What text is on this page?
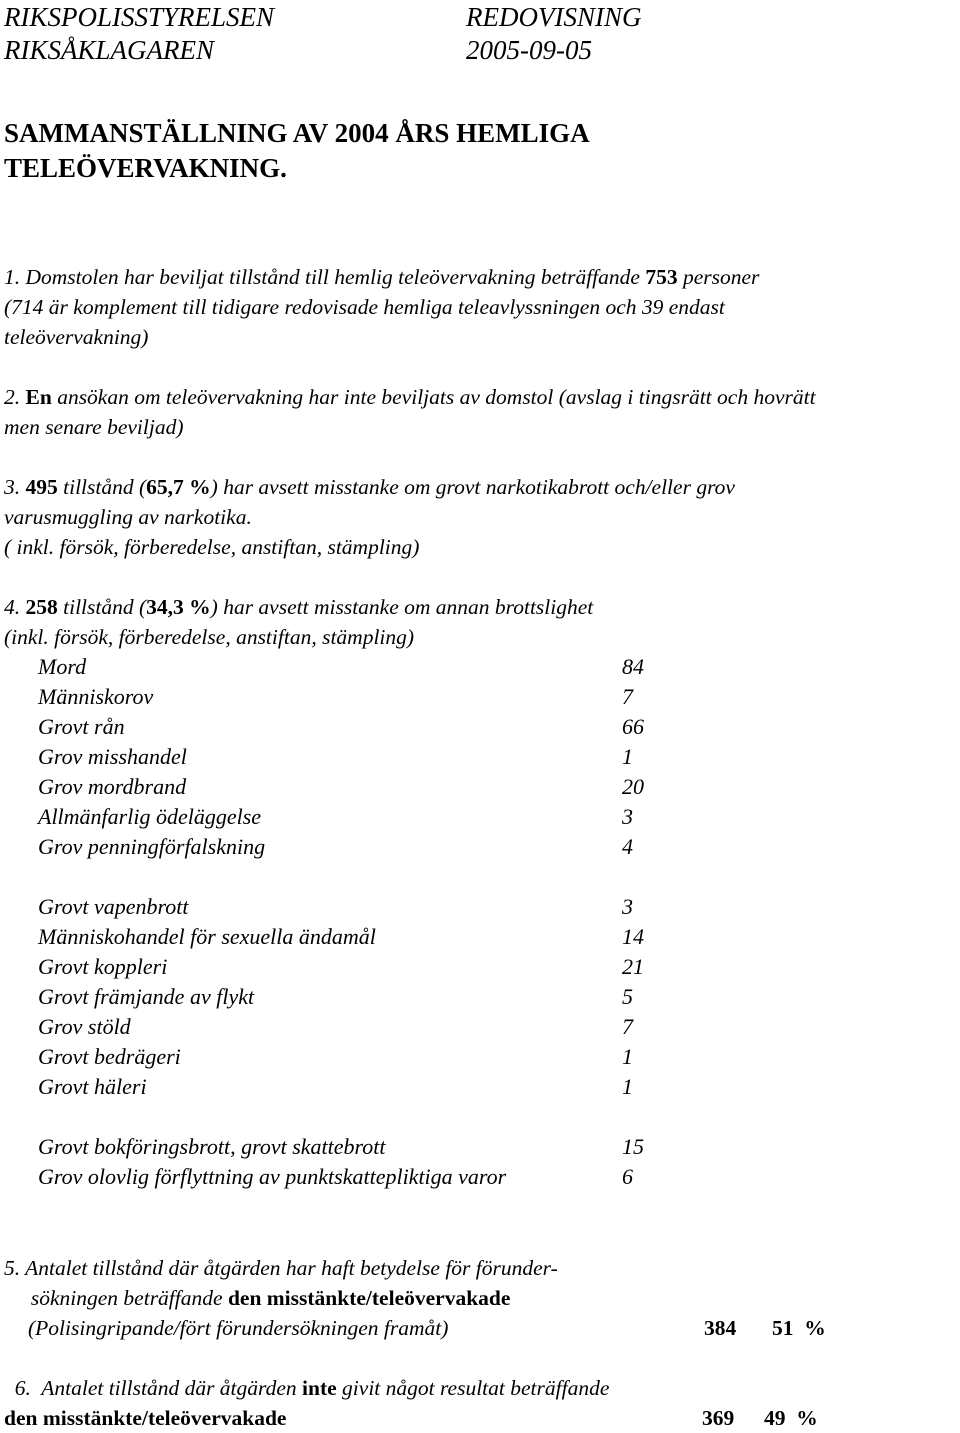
RIKSPOLISSTYRELSEN	REDOVISNING
RIKSÅKLAGAREN	2005-09-05
SAMMANSTÄLLNING AV 2004 ÅRS HEMLIGA
TELEÖVERVAKNING.
1. Domstolen har beviljat tillstånd till hemlig teleövervakning beträffande 753 personer
(714 är komplement till tidigare redovisade hemliga teleavlyssningen och 39 endast
teleövervakning)
2. En ansökan om teleövervakning har inte beviljats av domstol (avslag i tingsrätt och hovrätt
men senare beviljad)
3. 495 tillstånd (65,7 %) har avsett misstanke om grovt narkotikabrott och/eller grov
varusmuggling av narkotika.
( inkl. försök, förberedelse, anstiftan, stämpling)
4. 258 tillstånd (34,3 %) har avsett misstanke om annan brottslighet
(inkl. försök, förberedelse, anstiftan, stämpling)
Mord	84
Människorov	7
Grovt rån	66
Grov misshandel	1
Grov mordbrand	20
Allmänfarlig ödeläggelse	3
Grov penningförfalskning	4
Grovt vapenbrott	3
Människohandel för sexuella ändamål	14
Grovt koppleri	21
Grovt främjande av flykt	5
Grov stöld	7
Grovt bedrägeri	1
Grovt häleri	1
Grovt bokföringsbrott, grovt skattebrott	15
Grov olovlig förflyttning av punktskattepliktiga varor	6
5. Antalet tillstånd där åtgärden har haft betydelse för förunder-
sökningen beträffande den misstänkte/teleövervakade
(Polisingripande/fört förundersökningen framåt)	384 51  %
6.  Antalet tillstånd där åtgärden inte givit något resultat beträffande
den misstänkte/teleövervakade	369 49  %
